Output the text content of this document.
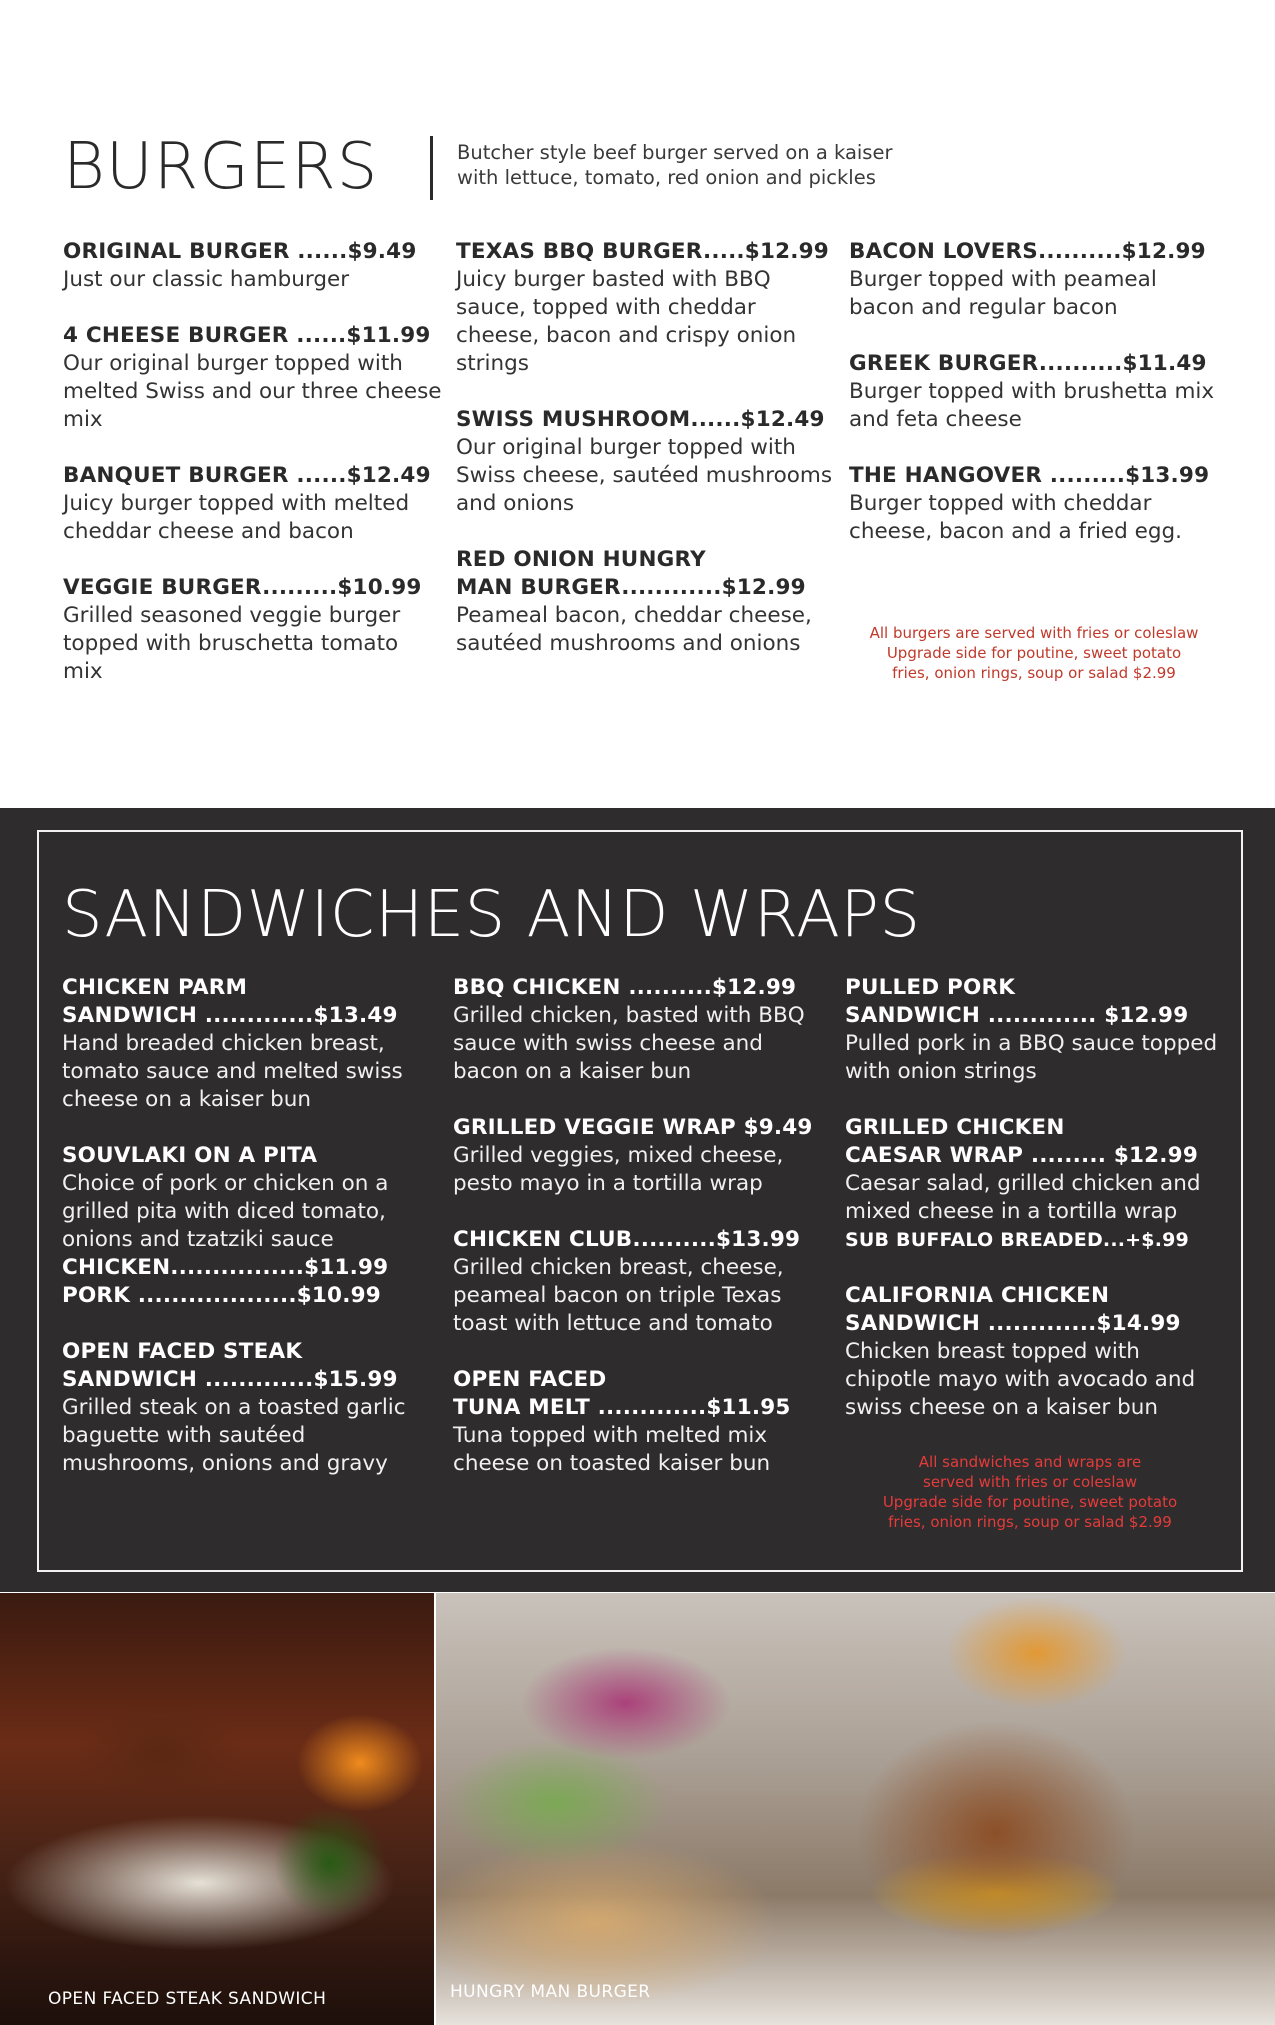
BURGERS	Butcher style beef burger served on a kaiser with lettuce, tomato, red onion and pickles

ORIGINAL BURGER ......$9.49
Just our classic hamburger
4 CHEESE BURGER ......$11.99
Our original burger topped with melted Swiss and our three cheese mix
BANQUET BURGER ......$12.49
Juicy burger topped with melted cheddar cheese and bacon
VEGGIE BURGER.........$10.99
Grilled seasoned veggie burger topped with bruschetta tomato mix
TEXAS BBQ BURGER.....$12.99
Juicy burger basted with BBQ sauce, topped with cheddar cheese, bacon and crispy onion strings
SWISS MUSHROOM......$12.49
Our original burger topped with Swiss cheese, sautéed mushrooms and onions
RED ONION HUNGRY
MAN BURGER............$12.99
Peameal bacon, cheddar cheese, sautéed mushrooms and onions
BACON LOVERS..........$12.99
Burger topped with peameal bacon and regular bacon
GREEK BURGER..........$11.49
Burger topped with brushetta mix and feta cheese
THE HANGOVER .........$13.99
Burger topped with cheddar cheese, bacon and a fried egg.
All burgers are served with fries or coleslaw
Upgrade side for poutine, sweet potato
fries, onion rings, soup or salad $2.99
SANDWICHES AND WRAPS
CHICKEN PARM
SANDWICH .............$13.49
Hand breaded chicken breast, tomato sauce and melted swiss cheese on a kaiser bun
SOUVLAKI ON A PITA
Choice of pork or chicken on a grilled pita with diced tomato, onions and tzatziki sauce
CHICKEN................$11.99
PORK ...................$10.99
OPEN FACED STEAK
SANDWICH .............$15.99
Grilled steak on a toasted garlic baguette with sautéed mushrooms, onions and gravy
BBQ CHICKEN ..........$12.99
Grilled chicken, basted with BBQ sauce with swiss cheese and bacon on a kaiser bun
GRILLED VEGGIE WRAP $9.49
Grilled veggies, mixed cheese, pesto mayo in a tortilla wrap
CHICKEN CLUB..........$13.99
Grilled chicken breast, cheese, peameal bacon on triple Texas toast with lettuce and tomato
OPEN FACED
TUNA MELT .............$11.95
Tuna topped with melted mix cheese on toasted kaiser bun
PULLED PORK
SANDWICH ............. $12.99
Pulled pork in a BBQ sauce topped with onion strings
GRILLED CHICKEN
CAESAR WRAP ......... $12.99
Caesar salad, grilled chicken and mixed cheese in a tortilla wrap
SUB BUFFALO BREADED...+$.99
CALIFORNIA CHICKEN
SANDWICH .............$14.99
Chicken breast topped with chipotle mayo with avocado and swiss cheese on a kaiser bun
All sandwiches and wraps are
served with fries or coleslaw
Upgrade side for poutine, sweet potato
fries, onion rings, soup or salad $2.99
OPEN FACED STEAK SANDWICH	HUNGRY MAN BURGER
